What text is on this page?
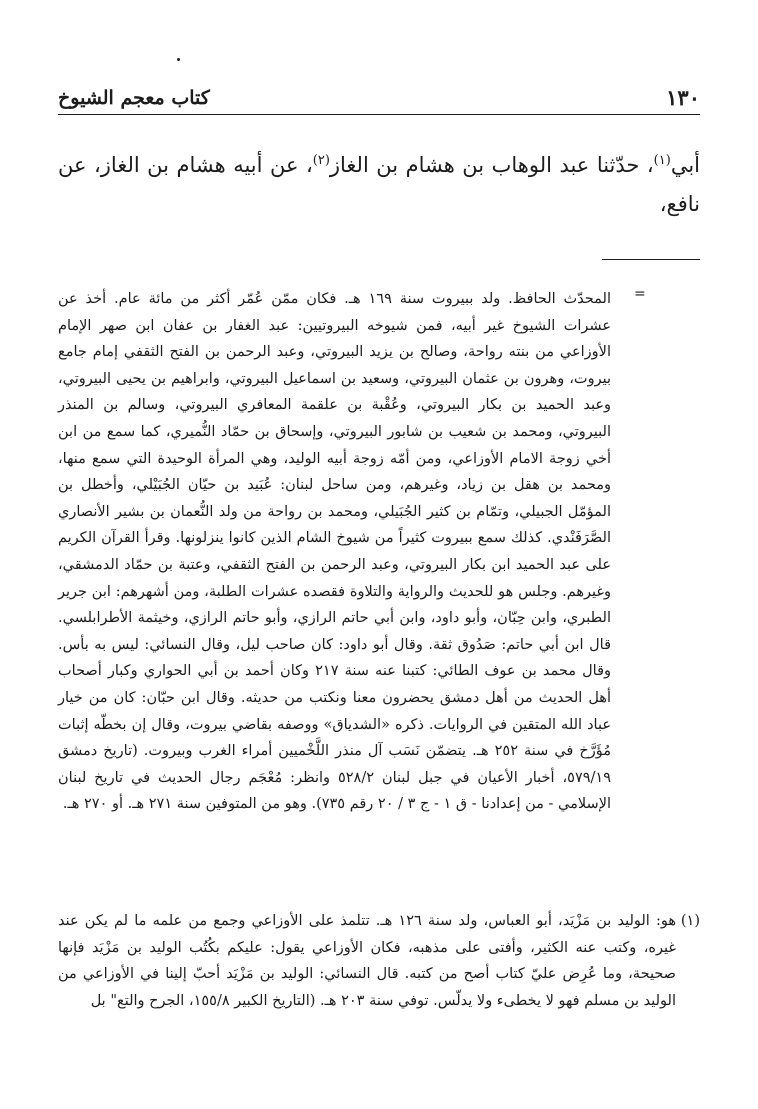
١٣٠
كتاب معجم الشيوخ

أبي$^{(١)}$، حدّثنا عبد الوهاب بن هشام بن الغاز$^{(٢)}$، عن أبيه هشام بن الغاز، عن نافع،

=

المحدّث الحافظ. ولد ببيروت سنة ١٦٩ هـ. فكان ممّن عُمّر أكثر من مائة عام. أخذ عن عشرات الشيوخ غير أبيه، فمن شيوخه البيروتيين: عبد الغفار بن عفان ابن صهر الإمام الأوزاعي من بنته رواحة، وصالح بن يزيد البيروتي، وعبد الرحمن بن الفتح الثقفي إمام جامع بيروت، وهرون بن عثمان البيروتي، وسعيد بن اسماعيل البيروتي، وابراهيم بن يحيى البيروتي، وعبد الحميد بن بكار البيروتي، وعُقْبة بن علقمة المعافري البيروتي، وسالم بن المنذر البيروتي، ومحمد بن شعيب بن شابور البيروتي، وإسحاق بن حمّاد النُّميري، كما سمع من ابن أخي زوجة الامام الأوزاعي، ومن أمّه زوجة أبيه الوليد، وهي المرأة الوحيدة التي سمع منها، ومحمد بن هقل بن زياد، وغيرهم، ومن ساحل لبنان: عُبَيد بن حيّان الجُبَيْلي، وأخطل بن المؤمّل الجبيلي، وتمّام بن كثير الجُبَيلي، ومحمد بن رواحة من ولد النُّعمان بن بشير الأنصاري الصَّرَفَنْدي. كذلك سمع ببيروت كثيراً من شيوخ الشام الذين كانوا ينزلونها. وقرأ القرآن الكريم على عبد الحميد ابن بكار البيروتي، وعبد الرحمن بن الفتح الثقفي، وعتبة بن حمّاد الدمشقي، وغيرهم. وجلس هو للحديث والرواية والتلاوة فقصده عشرات الطلبة، ومن أشهرهم: ابن جرير الطبري، وابن حِبّان، وأبو داود، وابن أبي حاتم الرازي، وأبو حاتم الرازي، وخيثمة الأطرابلسي. قال ابن أبي حاتم: صَدُوق ثقة. وقال أبو داود: كان صاحب ليل، وقال النسائي: ليس به بأس. وقال محمد بن عوف الطائي: كتبنا عنه سنة ٢١٧ وكان أحمد بن أبي الحواري وكبار أصحاب أهل الحديث من أهل دمشق يحضرون معنا ونكتب من حديثه. وقال ابن حبّان: كان من خيار عباد الله المتقين في الروايات. ذكره «الشدياق» ووصفه بقاضي بيروت، وقال إن بخطّه إثبات مُؤَرَّخ في سنة ٢٥٢ هـ. يتضمّن نَسَب آل منذر اللَّخْميين أمراء الغرب وبيروت. (تاريخ دمشق ٥٧٩/١٩، أخبار الأعيان في جبل لبنان ٥٢٨/٢ وانظر: مُعْجَم رجال الحديث في تاريخ لبنان الإسلامي - من إعدادنا - ق ١ - ج ٣ / ٢٠ رقم ٧٣٥). وهو من المتوفين سنة ٢٧١ هـ. أو ٢٧٠ هـ.

(١)
هو: الوليد بن مَزْيَد، أبو العباس، ولد سنة ١٢٦ هـ. تتلمذ على الأوزاعي وجمع من علمه ما لم يكن عند غيره، وكتب عنه الكثير، وأفتى على مذهبه، فكان الأوزاعي يقول: عليكم بكُتُب الوليد بن مَزْيَد فإنها صحيحة، وما عُرِض عليّ كتاب أصح من كتبه. قال النسائي: الوليد بن مَزْيَد أحبّ إلينا في الأوزاعي من الوليد بن مسلم فهو لا يخطىء ولا يدلّس. توفي سنة ٢٠٣ هـ. (التاريخ الكبير ١٥٥/٨، الجرح والتع" بل
